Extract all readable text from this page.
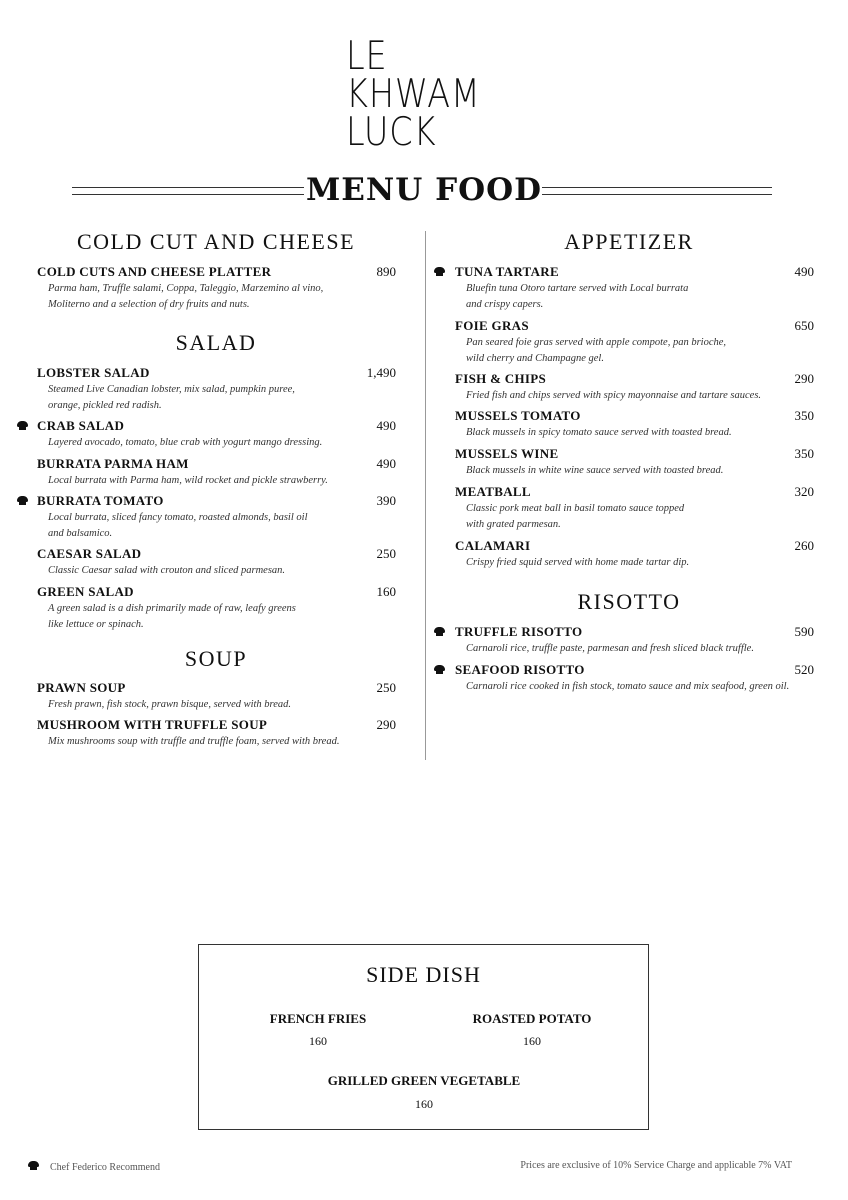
LE
KHWAM
LUCK
MENU FOOD
COLD CUT AND CHEESE
COLD CUTS AND CHEESE PLATTER	890
Parma ham, Truffle salami, Coppa, Taleggio, Marzemino al vino,
Moliterno and a selection of dry fruits and nuts.
SALAD
LOBSTER SALAD	1,490
Steamed Live Canadian lobster, mix salad, pumpkin puree,
orange, pickled red radish.
CRAB SALAD	490
Layered avocado, tomato, blue crab with yogurt mango dressing.
BURRATA PARMA HAM	490
Local burrata with Parma ham, wild rocket and pickle strawberry.
BURRATA TOMATO	390
Local burrata, sliced fancy tomato, roasted almonds, basil oil
and balsamico.
CAESAR SALAD	250
Classic Caesar salad with crouton and sliced parmesan.
GREEN SALAD	160
A green salad is a dish primarily made of raw, leafy greens
like lettuce or spinach.
SOUP
PRAWN SOUP	250
Fresh prawn, fish stock, prawn bisque, served with bread.
MUSHROOM WITH TRUFFLE SOUP	290
Mix mushrooms soup with truffle and truffle foam, served with bread.
APPETIZER
TUNA TARTARE	490
Bluefin tuna Otoro tartare served with Local burrata
and crispy capers.
FOIE GRAS	650
Pan seared foie gras served with apple compote, pan brioche,
wild cherry and Champagne gel.
FISH & CHIPS	290
Fried fish and chips served with spicy mayonnaise and tartare sauces.
MUSSELS TOMATO	350
Black mussels in spicy tomato sauce served with toasted bread.
MUSSELS WINE	350
Black mussels in white wine sauce served with toasted bread.
MEATBALL	320
Classic pork meat ball in basil tomato sauce topped
with grated parmesan.
CALAMARI	260
Crispy fried squid served with home made tartar dip.
RISOTTO
TRUFFLE RISOTTO	590
Carnaroli rice, truffle paste, parmesan and fresh sliced black truffle.
SEAFOOD RISOTTO	520
Carnaroli rice cooked in fish stock, tomato sauce and mix seafood, green oil.
SIDE DISH
FRENCH FRIES
160
ROASTED POTATO
160
GRILLED GREEN VEGETABLE
160
Chef Federico Recommend	Prices are exclusive of 10% Service Charge and applicable 7% VAT
